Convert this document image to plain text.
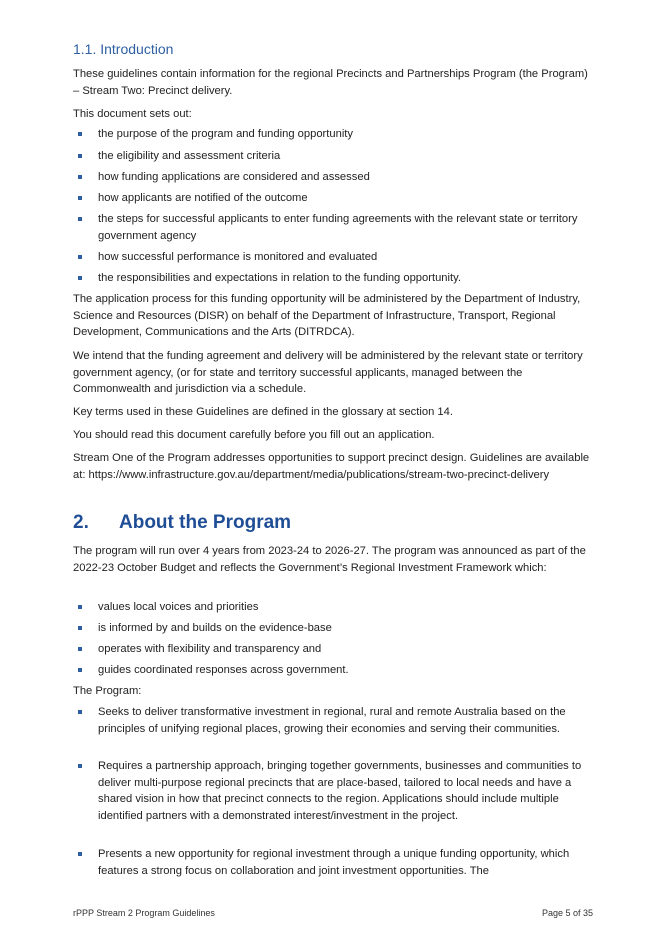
1.1. Introduction

These guidelines contain information for the regional Precincts and Partnerships Program (the Program) – Stream Two: Precinct delivery.

This document sets out:

the purpose of the program and funding opportunity
the eligibility and assessment criteria
how funding applications are considered and assessed
how applicants are notified of the outcome
the steps for successful applicants to enter funding agreements with the relevant state or territory government agency
how successful performance is monitored and evaluated
the responsibilities and expectations in relation to the funding opportunity.

The application process for this funding opportunity will be administered by the Department of Industry, Science and Resources (DISR) on behalf of the Department of Infrastructure, Transport, Regional Development, Communications and the Arts (DITRDCA).

We intend that the funding agreement and delivery will be administered by the relevant state or territory government agency, (or for state and territory successful applicants, managed between the Commonwealth and jurisdiction via a schedule.

Key terms used in these Guidelines are defined in the glossary at section 14.

You should read this document carefully before you fill out an application.

Stream One of the Program addresses opportunities to support precinct design. Guidelines are available at: https://www.infrastructure.gov.au/department/media/publications/stream-two-precinct-delivery

2. About the Program

The program will run over 4 years from 2023-24 to 2026-27. The program was announced as part of the 2022-23 October Budget and reflects the Government’s Regional Investment Framework which:

values local voices and priorities
is informed by and builds on the evidence-base
operates with flexibility and transparency and
guides coordinated responses across government.

The Program:

Seeks to deliver transformative investment in regional, rural and remote Australia based on the principles of unifying regional places, growing their economies and serving their communities.
Requires a partnership approach, bringing together governments, businesses and communities to deliver multi-purpose regional precincts that are place-based, tailored to local needs and have a shared vision in how that precinct connects to the region. Applications should include multiple identified partners with a demonstrated interest/investment in the project.
Presents a new opportunity for regional investment through a unique funding opportunity, which features a strong focus on collaboration and joint investment opportunities. The
rPPP Stream 2 Program Guidelines	Page 5 of 35
